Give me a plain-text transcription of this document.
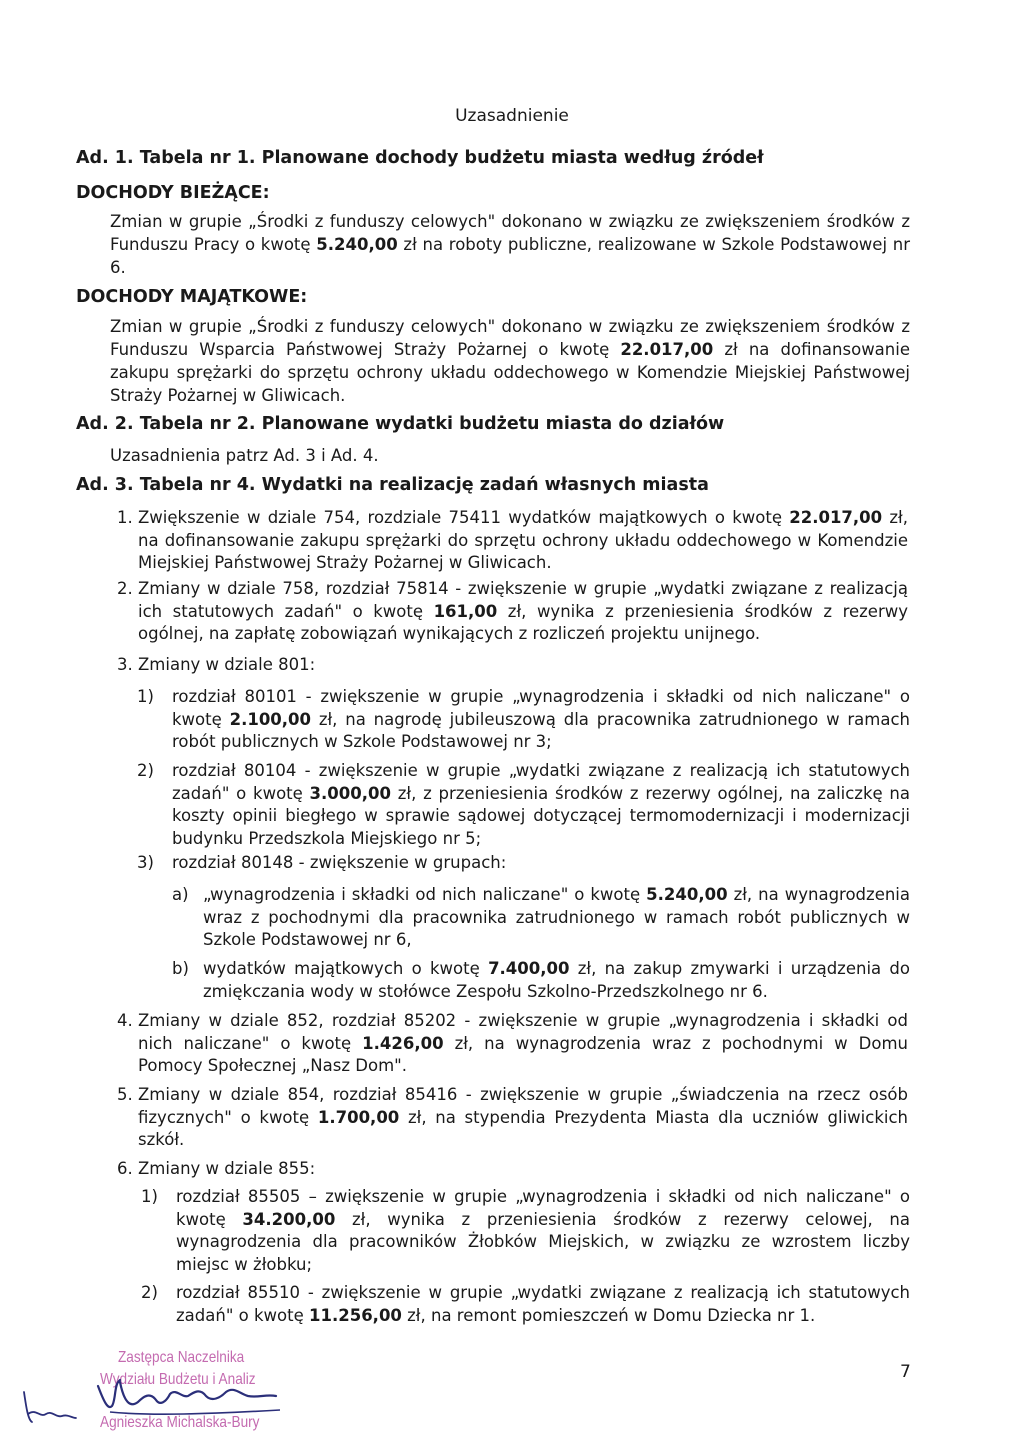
Uzasadnienie
Ad. 1. Tabela nr 1. Planowane dochody budżetu miasta według źródeł
DOCHODY BIEŻĄCE:
Zmian w grupie „Środki z funduszy celowych" dokonano w związku ze zwiększeniem środków z Funduszu Pracy o kwotę 5.240,00 zł na roboty publiczne, realizowane w Szkole Podstawowej nr 6.
DOCHODY MAJĄTKOWE:
Zmian w grupie „Środki z funduszy celowych" dokonano w związku ze zwiększeniem środków z Funduszu Wsparcia Państwowej Straży Pożarnej o kwotę 22.017,00 zł na dofinansowanie zakupu sprężarki do sprzętu ochrony układu oddechowego w Komendzie Miejskiej Państwowej Straży Pożarnej w Gliwicach.
Ad. 2. Tabela nr 2. Planowane wydatki budżetu miasta do działów
Uzasadnienia patrz Ad. 3 i Ad. 4.
Ad. 3. Tabela nr 4. Wydatki na realizację zadań własnych miasta
1. Zwiększenie w dziale 754, rozdziale 75411 wydatków majątkowych o kwotę 22.017,00 zł, na dofinansowanie zakupu sprężarki do sprzętu ochrony układu oddechowego w Komendzie Miejskiej Państwowej Straży Pożarnej w Gliwicach.
2. Zmiany w dziale 758, rozdział 75814 - zwiększenie w grupie „wydatki związane z realizacją ich statutowych zadań" o kwotę 161,00 zł, wynika z przeniesienia środków z rezerwy ogólnej, na zapłatę zobowiązań wynikających z rozliczeń projektu unijnego.
3. Zmiany w dziale 801:
1) rozdział 80101 - zwiększenie w grupie „wynagrodzenia i składki od nich naliczane" o kwotę 2.100,00 zł, na nagrodę jubileuszową dla pracownika zatrudnionego w ramach robót publicznych w Szkole Podstawowej nr 3;
2) rozdział 80104 - zwiększenie w grupie „wydatki związane z realizacją ich statutowych zadań" o kwotę 3.000,00 zł, z przeniesienia środków z rezerwy ogólnej, na zaliczkę na koszty opinii biegłego w sprawie sądowej dotyczącej termomodernizacji i modernizacji budynku Przedszkola Miejskiego nr 5;
3) rozdział 80148 - zwiększenie w grupach:
a) „wynagrodzenia i składki od nich naliczane" o kwotę 5.240,00 zł, na wynagrodzenia wraz z pochodnymi dla pracownika zatrudnionego w ramach robót publicznych w Szkole Podstawowej nr 6,
b) wydatków majątkowych o kwotę 7.400,00 zł, na zakup zmywarki i urządzenia do zmiękczania wody w stołówce Zespołu Szkolno-Przedszkolnego nr 6.
4. Zmiany w dziale 852, rozdział 85202 - zwiększenie w grupie „wynagrodzenia i składki od nich naliczane" o kwotę 1.426,00 zł, na wynagrodzenia wraz z pochodnymi w Domu Pomocy Społecznej „Nasz Dom".
5. Zmiany w dziale 854, rozdział 85416 - zwiększenie w grupie „świadczenia na rzecz osób fizycznych" o kwotę 1.700,00 zł, na stypendia Prezydenta Miasta dla uczniów gliwickich szkół.
6. Zmiany w dziale 855:
1) rozdział 85505 – zwiększenie w grupie „wynagrodzenia i składki od nich naliczane" o kwotę 34.200,00 zł, wynika z przeniesienia środków z rezerwy celowej, na wynagrodzenia dla pracowników Żłobków Miejskich, w związku ze wzrostem liczby miejsc w żłobku;
2) rozdział 85510 - zwiększenie w grupie „wydatki związane z realizacją ich statutowych zadań" o kwotę 11.256,00 zł, na remont pomieszczeń w Domu Dziecka nr 1.
Zastępca Naczelnika
Wydziału Budżetu i Analiz
Agnieszka Michalska-Bury
7
